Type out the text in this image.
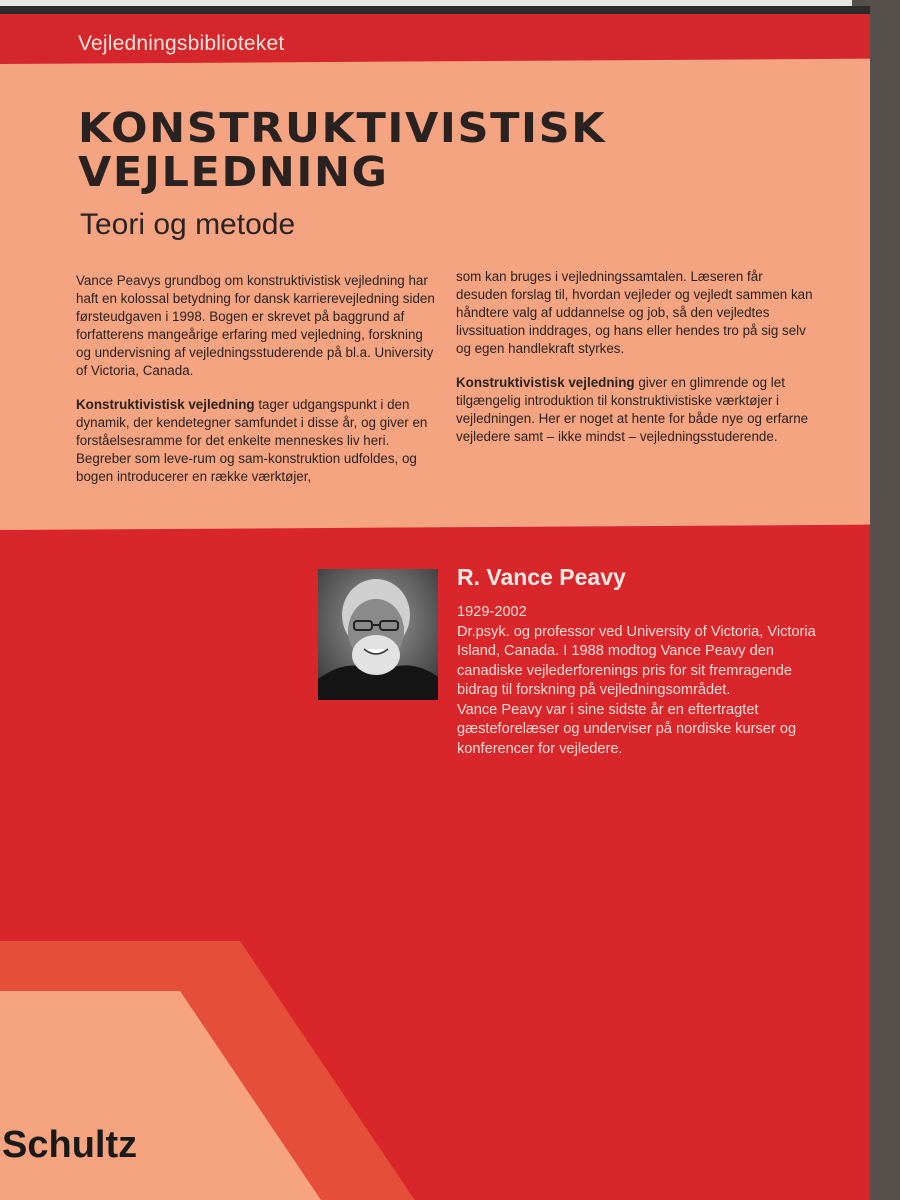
Vejledningsbiblioteket
KONSTRUKTIVISTISK
VEJLEDNING
Teori og metode

Vance Peavys grundbog om konstruktivistisk vejledning har haft en kolossal betydning for dansk karrierevejledning siden førsteudgaven i 1998. Bogen er skrevet på baggrund af forfatterens mangeårige erfaring med vejledning, forskning og undervisning af vejledningsstuderende på bl.a. University of Victoria, Canada.

Konstruktivistisk vejledning tager udgangspunkt i den dynamik, der kendetegner samfundet i disse år, og giver en forståelsesramme for det enkelte menneskes liv heri. Begreber som leve-rum og sam-konstruktion udfoldes, og bogen introducerer en række værktøjer,

som kan bruges i vejledningssamtalen. Læseren får desuden forslag til, hvordan vejleder og vejledt sammen kan håndtere valg af uddannelse og job, så den vejledtes livssituation inddrages, og hans eller hendes tro på sig selv og egen handlekraft styrkes.

Konstruktivistisk vejledning giver en glimrende og let tilgængelig introduktion til konstruktivistiske værktøjer i vejledningen. Her er noget at hente for både nye og erfarne vejledere samt – ikke mindst – vejledningsstuderende.

R. Vance Peavy
1929-2002
Dr.psyk. og professor ved University of Victoria, Victoria
Island, Canada. I 1988 modtog Vance Peavy den
canadiske vejlederforenings pris for sit fremragende
bidrag til forskning på vejledningsområdet.
Vance Peavy var i sine sidste år en eftertragtet
gæsteforelæser og underviser på nordiske kurser og
konferencer for vejledere.
Schultz
